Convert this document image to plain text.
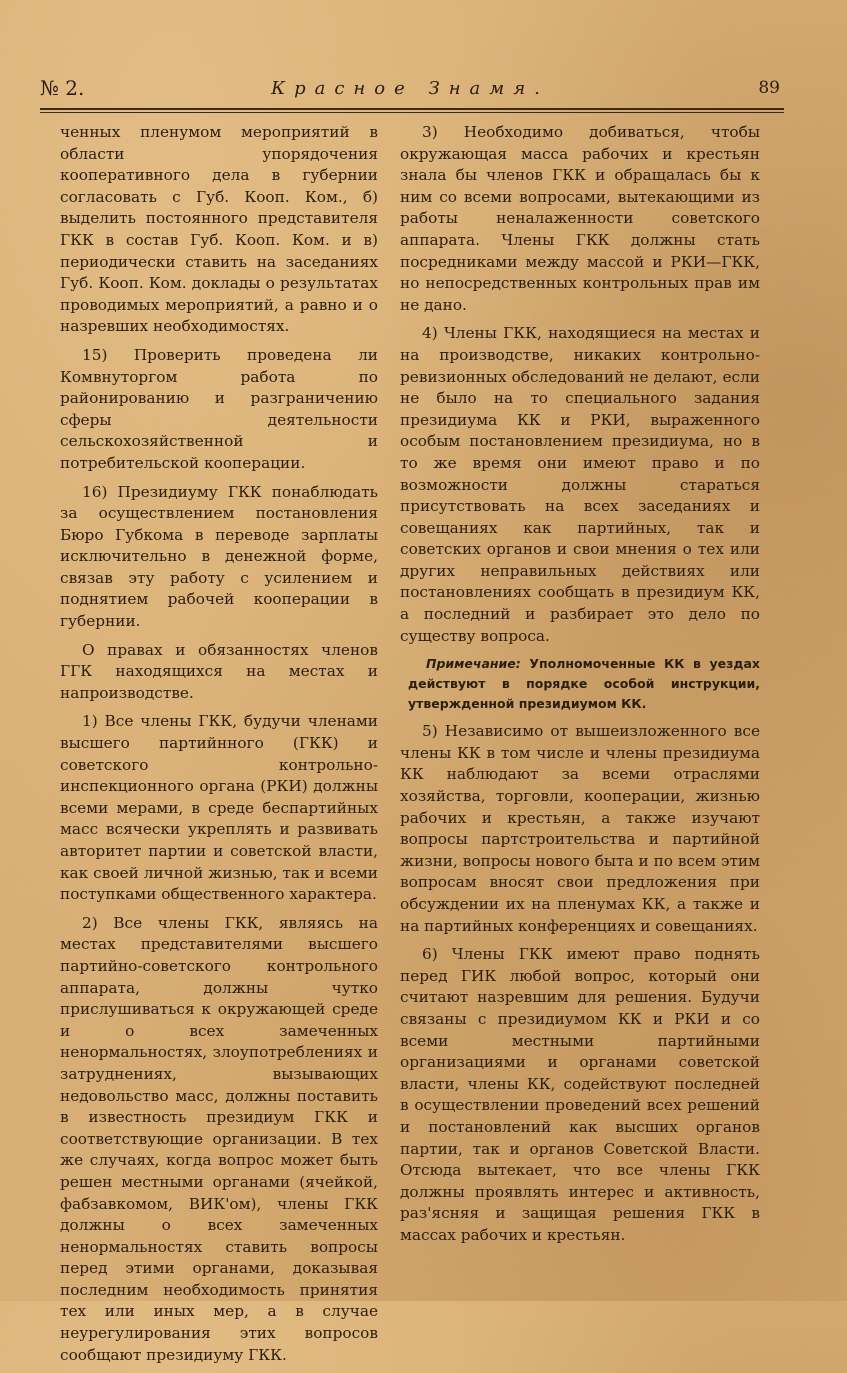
№ 2.	Красное Знамя.	89

ченных пленумом мероприятий в области упорядочения кооперативного дела в губернии согласовать с Губ. Кооп. Ком., б) выделить постоянного представителя ГКК в состав Губ. Кооп. Ком. и в) периодически ставить на заседаниях Губ. Кооп. Ком. доклады о результатах проводимых мероприятий, а равно и о назревших необходимостях.

15) Проверить проведена ли Комвнуторгом работа по районированию и разграничению сферы деятельности сельскохозяйственной и потребительской кооперации.

16) Президиуму ГКК понаблюдать за осуществлением постановления Бюро Губкома в переводе зарплаты исключительно в денежной форме, связав эту работу с усилением и поднятием рабочей кооперации в губернии.

О правах и обязанностях членов ГГК находящихся на местах и напроизводстве.

1) Все члены ГКК, будучи членами высшего партийнного (ГКК) и советского контрольно-инспекционного органа (РКИ) должны всеми мерами, в среде беспартийных масс всячески укреплять и развивать авторитет партии и советской власти, как своей личной жизнью, так и всеми поступками общественного характера.

2) Все члены ГКК, являясь на местах представителями высшего партийно-советского контрольного аппарата, должны чутко прислушиваться к окружающей среде и о всех замеченных ненормальностях, злоупотреблениях и затруднениях, вызывающих недовольство масс, должны поставить в известность президиум ГКК и соответствующие организации. В тех же случаях, когда вопрос может быть решен местными органами (ячейкой, фабзавкомом, ВИК'ом), члены ГКК должны о всех замеченных ненормальностях ставить вопросы перед этими органами, доказывая последним необходимость принятия тех или иных мер, а в случае неурегулирования этих вопросов сообщают президиуму ГКК.

3) Необходимо добиваться, чтобы окружающая масса рабочих и крестьян знала бы членов ГКК и обращалась бы к ним со всеми вопросами, вытекающими из работы неналаженности советского аппарата. Члены ГКК должны стать посредниками между массой и РКИ—ГКК, но непосредственных контрольных прав им не дано.

4) Члены ГКК, находящиеся на местах и на производстве, никаких контрольно-ревизионных обследований не делают, если не было на то специального задания президиума КК и РКИ, выраженного особым постановлением президиума, но в то же время они имеют право и по возможности должны стараться присутствовать на всех заседаниях и совещаниях как партийных, так и советских органов и свои мнения о тех или других неправильных действиях или постановлениях сообщать в президиум КК, а последний и разбирает это дело по существу вопроса.

Примечание: Уполномоченные КК в уездах действуют в порядке особой инструкции, утвержденной президиумом КК.

5) Независимо от вышеизложенного все члены КК в том числе и члены президиума КК наблюдают за всеми отраслями хозяйства, торговли, кооперации, жизнью рабочих и крестьян, а также изучают вопросы партстроительства и партийной жизни, вопросы нового быта и по всем этим вопросам вносят свои предложения при обсуждении их на пленумах КК, а также и на партийных конференциях и совещаниях.

6) Члены ГКК имеют право поднять перед ГИК любой вопрос, который они считают назревшим для решения. Будучи связаны с президиумом КК и РКИ и со всеми местными партийными организациями и органами советской власти, члены КК, содействуют последней в осуществлении проведений всех решений и постановлений как высших органов партии, так и органов Советской Власти. Отсюда вытекает, что все члены ГКК должны проявлять интерес и активность, раз'ясняя и защищая решения ГКК в массах рабочих и крестьян.
